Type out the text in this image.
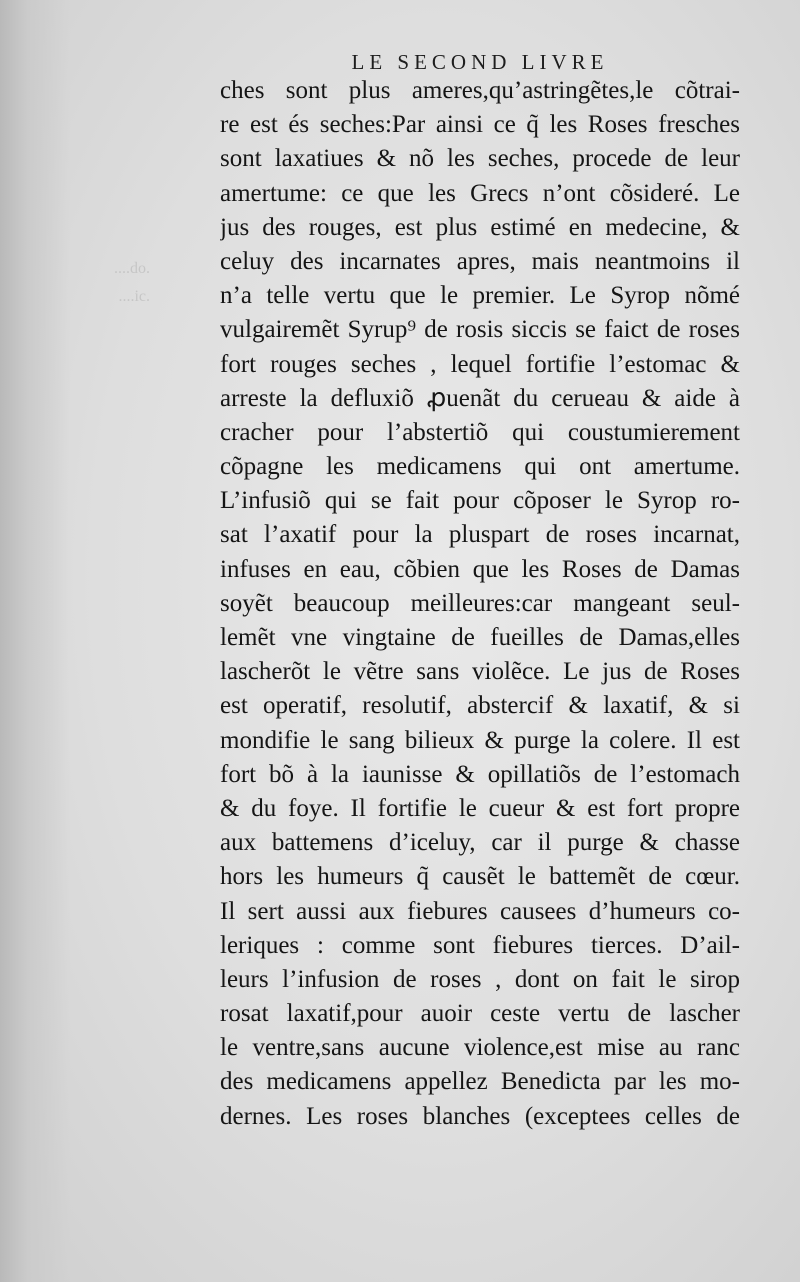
....do.
....ic.
LE SECOND LIVRE
ches sont plus ameres,qu’astringẽtes,le cõtrai-
re est és seches:Par ainsi ce q̃ les Roses fresches
sont laxatiues & nõ les seches, procede de leur
amertume: ce que les Grecs n’ont cõsideré. Le
jus des rouges, est plus estimé en medecine, &
celuy des incarnates apres, mais neantmoins il
n’a telle vertu que le premier. Le Syrop nõmé
vulgairemẽt Syrup⁹ de rosis siccis se faict de roses
fort rouges seches , lequel fortifie l’estomac &
arreste la defluxiõ ꝓuenãt du cerueau & aide à
cracher pour l’abstertiõ qui coustumierement
cõpagne les medicamens qui ont amertume.
L’infusiõ qui se fait pour cõposer le Syrop ro-
sat l’axatif pour la pluspart de roses incarnat,
infuses en eau, cõbien que les Roses de Damas
soyẽt beaucoup meilleures:car mangeant seul-
lemẽt vne vingtaine de fueilles de Damas,elles
lascherõt le vẽtre sans violẽce. Le jus de Roses
est operatif, resolutif, abstercif & laxatif, & si
mondifie le sang bilieux & purge la colere. Il est
fort bõ à la iaunisse & opillatiõs de l’estomach
& du foye. Il fortifie le cueur & est fort propre
aux battemens d’iceluy, car il purge & chasse
hors les humeurs q̃ causẽt le battemẽt de cœur.
Il sert aussi aux fiebures causees d’humeurs co-
leriques : comme sont fiebures tierces. D’ail-
leurs l’infusion de roses , dont on fait le sirop
rosat laxatif,pour auoir ceste vertu de lascher
le ventre,sans aucune violence,est mise au ranc
des medicamens appellez Benedicta par les mo-
dernes. Les roses blanches (exceptees celles de
